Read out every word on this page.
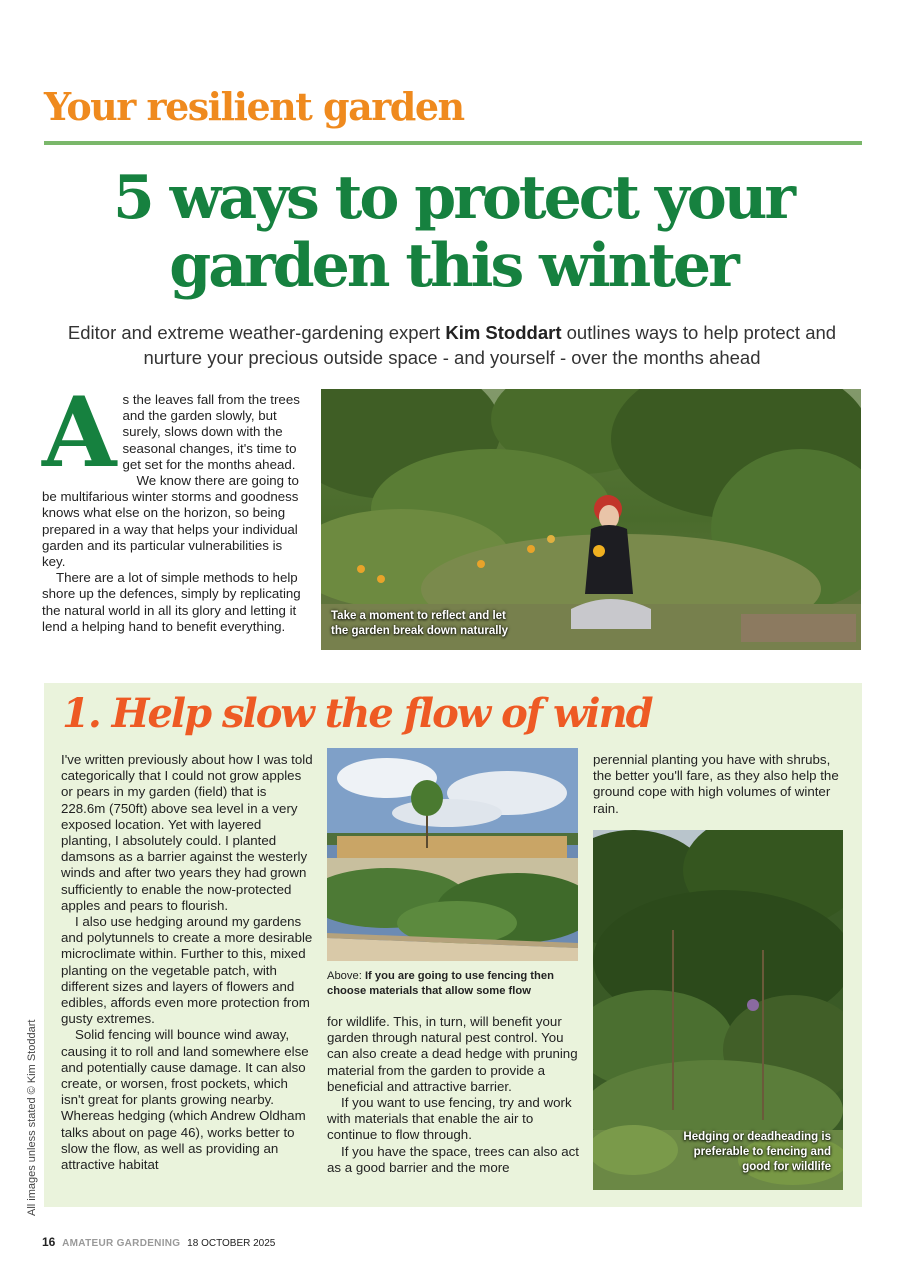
Your resilient garden
5 ways to protect your
garden this winter
Editor and extreme weather-gardening expert Kim Stoddart outlines ways to help protect and nurture your precious outside space - and yourself - over the months ahead

As the leaves fall from the trees and the garden slowly, but surely, slows down with the seasonal changes, it's time to get set for the months ahead.

We know there are going to be multifarious winter storms and goodness knows what else on the horizon, so being prepared in a way that helps your individual garden and its particular vulnerabilities is key.

There are a lot of simple methods to help shore up the defences, simply by replicating the natural world in all its glory and letting it lend a helping hand to benefit everything.

Take a moment to reflect and let
the garden break down naturally
1. Help slow the flow of wind

I've written previously about how I was told categorically that I could not grow apples or pears in my garden (field) that is 228.6m (750ft) above sea level in a very exposed location. Yet with layered planting, I absolutely could. I planted damsons as a barrier against the westerly winds and after two years they had grown sufficiently to enable the now-protected apples and pears to flourish.

I also use hedging around my gardens and polytunnels to create a more desirable microclimate within. Further to this, mixed planting on the vegetable patch, with different sizes and layers of flowers and edibles, affords even more protection from gusty extremes.

Solid fencing will bounce wind away, causing it to roll and land somewhere else and potentially cause damage. It can also create, or worsen, frost pockets, which isn't great for plants growing nearby. Whereas hedging (which Andrew Oldham talks about on page 46), works better to slow the flow, as well as providing an attractive habitat

Above: If you are going to use fencing then choose materials that allow some flow

for wildlife. This, in turn, will benefit your garden through natural pest control. You can also create a dead hedge with pruning material from the garden to provide a beneficial and attractive barrier.

If you want to use fencing, try and work with materials that enable the air to continue to flow through.

If you have the space, trees can also act as a good barrier and the more

perennial planting you have with shrubs, the better you'll fare, as they also help the ground cope with high volumes of winter rain.

Hedging or deadheading is
preferable to fencing and
good for wildlife
All images unless stated © Kim Stoddart
16 AMATEUR GARDENING 18 OCTOBER 2025
